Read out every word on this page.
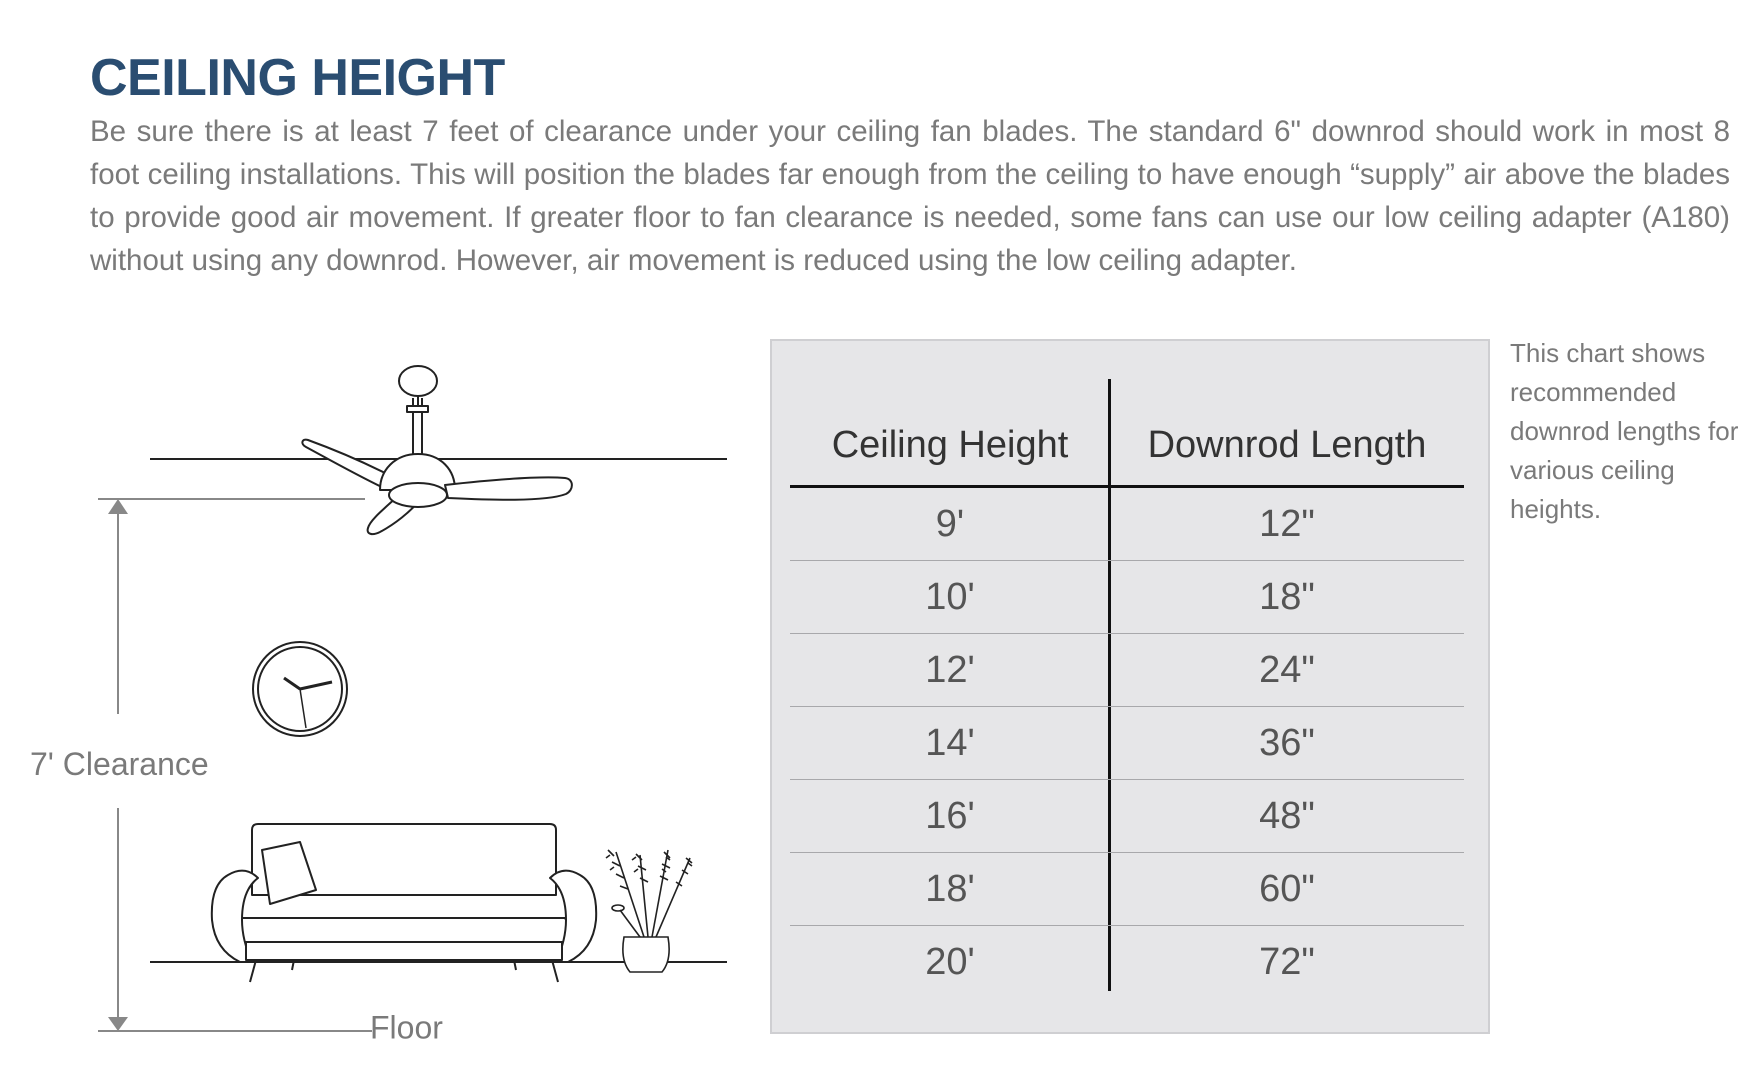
CEILING HEIGHT

Be sure there is at least 7 feet of clearance under your ceiling fan blades. The standard 6" downrod should work in most 8 foot ceiling installations. This will position the blades far enough from the ceiling to have enough “supply” air above the blades to provide good air movement. If greater floor to fan clearance is needed, some fans can use our low ceiling adapter (A180) without using any downrod. However, air movement is reduced using the low ceiling adapter.

7' Clearance
Floor
Ceiling Height	Downrod Length
9'	12"
10'	18"
12'	24"
14'	36"
16'	48"
18'	60"
20'	72"

This chart shows recommended downrod lengths for various ceiling heights.
